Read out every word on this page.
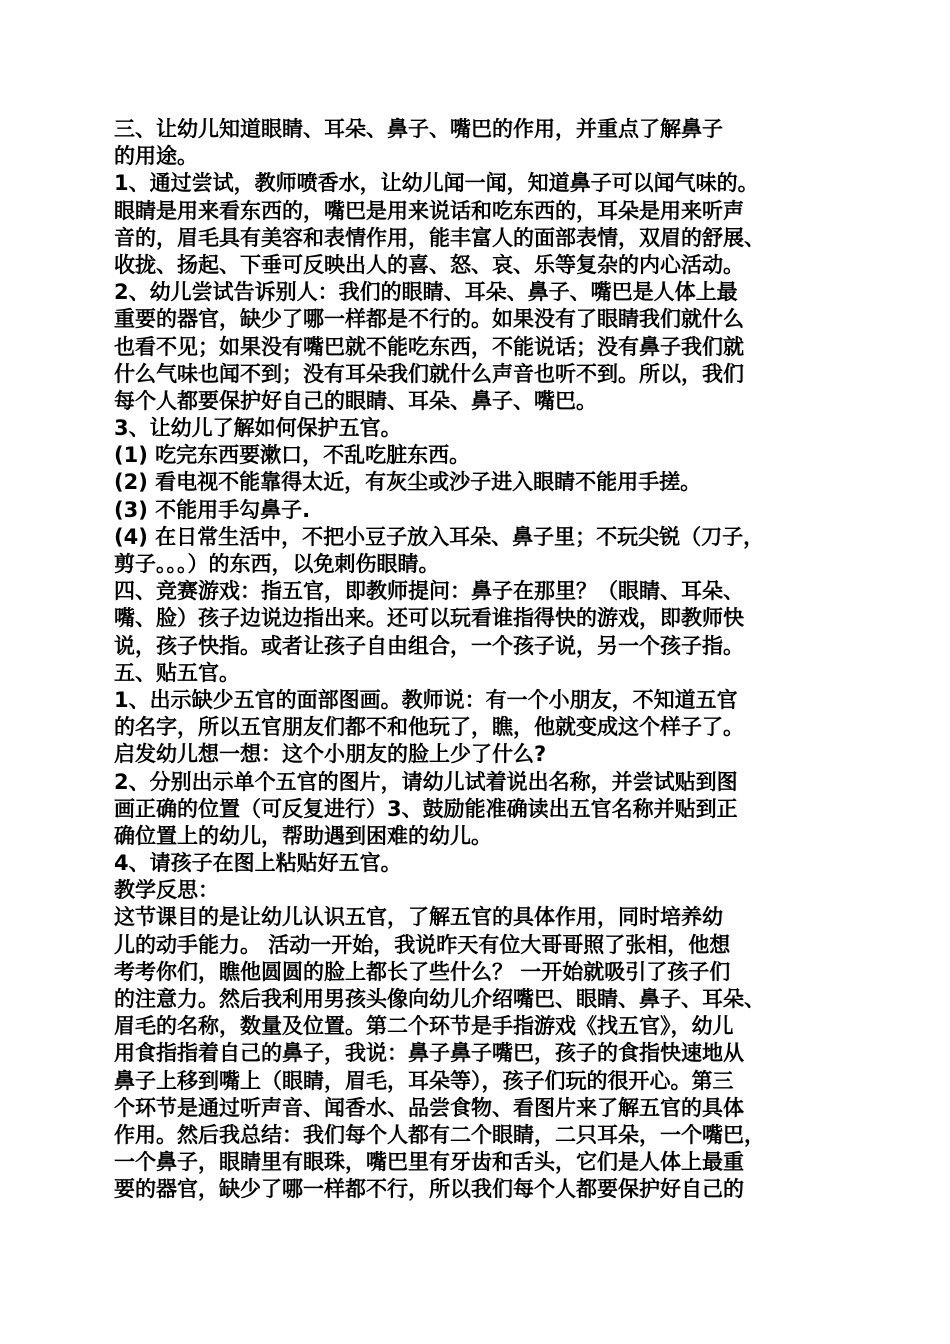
三、让幼儿知道眼睛、耳朵、鼻子、嘴巴的作用，并重点了解鼻子
的用途。
1、通过尝试，教师喷香水，让幼儿闻一闻，知道鼻子可以闻气味的。
眼睛是用来看东西的，嘴巴是用来说话和吃东西的，耳朵是用来听声
音的，眉毛具有美容和表情作用，能丰富人的面部表情，双眉的舒展、
收拢、扬起、下垂可反映出人的喜、怒、哀、乐等复杂的内心活动。
2、幼儿尝试告诉别人：我们的眼睛、耳朵、鼻子、嘴巴是人体上最
重要的器官，缺少了哪一样都是不行的。如果没有了眼睛我们就什么
也看不见；如果没有嘴巴就不能吃东西，不能说话；没有鼻子我们就
什么气味也闻不到；没有耳朵我们就什么声音也听不到。所以，我们
每个人都要保护好自己的眼睛、耳朵、鼻子、嘴巴。
3、让幼儿了解如何保护五官。
(1) 吃完东西要漱口，不乱吃脏东西。
(2) 看电视不能靠得太近，有灰尘或沙子进入眼睛不能用手搓。
(3) 不能用手勾鼻子.
(4) 在日常生活中，不把小豆子放入耳朵、鼻子里；不玩尖锐（刀子，
剪子。。。）的东西，以免刺伤眼睛。
四、竞赛游戏：指五官，即教师提问：鼻子在那里？（眼睛、耳朵、
嘴、脸）孩子边说边指出来。还可以玩看谁指得快的游戏，即教师快
说，孩子快指。或者让孩子自由组合，一个孩子说，另一个孩子指。
五、贴五官。
1、出示缺少五官的面部图画。教师说：有一个小朋友，不知道五官
的名字，所以五官朋友们都不和他玩了，瞧，他就变成这个样子了。
启发幼儿想一想：这个小朋友的脸上少了什么?
2、分别出示单个五官的图片，请幼儿试着说出名称，并尝试贴到图
画正确的位置（可反复进行）3、鼓励能准确读出五官名称并贴到正
确位置上的幼儿，帮助遇到困难的幼儿。
4、请孩子在图上粘贴好五官。
教学反思：
这节课目的是让幼儿认识五官，了解五官的具体作用，同时培养幼
儿的动手能力。 活动一开始，我说昨天有位大哥哥照了张相，他想
考考你们，瞧他圆圆的脸上都长了些什么？ 一开始就吸引了孩子们
的注意力。然后我利用男孩头像向幼儿介绍嘴巴、眼睛、鼻子、耳朵、
眉毛的名称，数量及位置。第二个环节是手指游戏《找五官》，幼儿
用食指指着自己的鼻子，我说：鼻子鼻子嘴巴，孩子的食指快速地从
鼻子上移到嘴上（眼睛，眉毛，耳朵等），孩子们玩的很开心。第三
个环节是通过听声音、闻香水、品尝食物、看图片来了解五官的具体
作用。然后我总结：我们每个人都有二个眼睛，二只耳朵，一个嘴巴，
一个鼻子，眼睛里有眼珠，嘴巴里有牙齿和舌头，它们是人体上最重
要的器官，缺少了哪一样都不行，所以我们每个人都要保护好自己的
